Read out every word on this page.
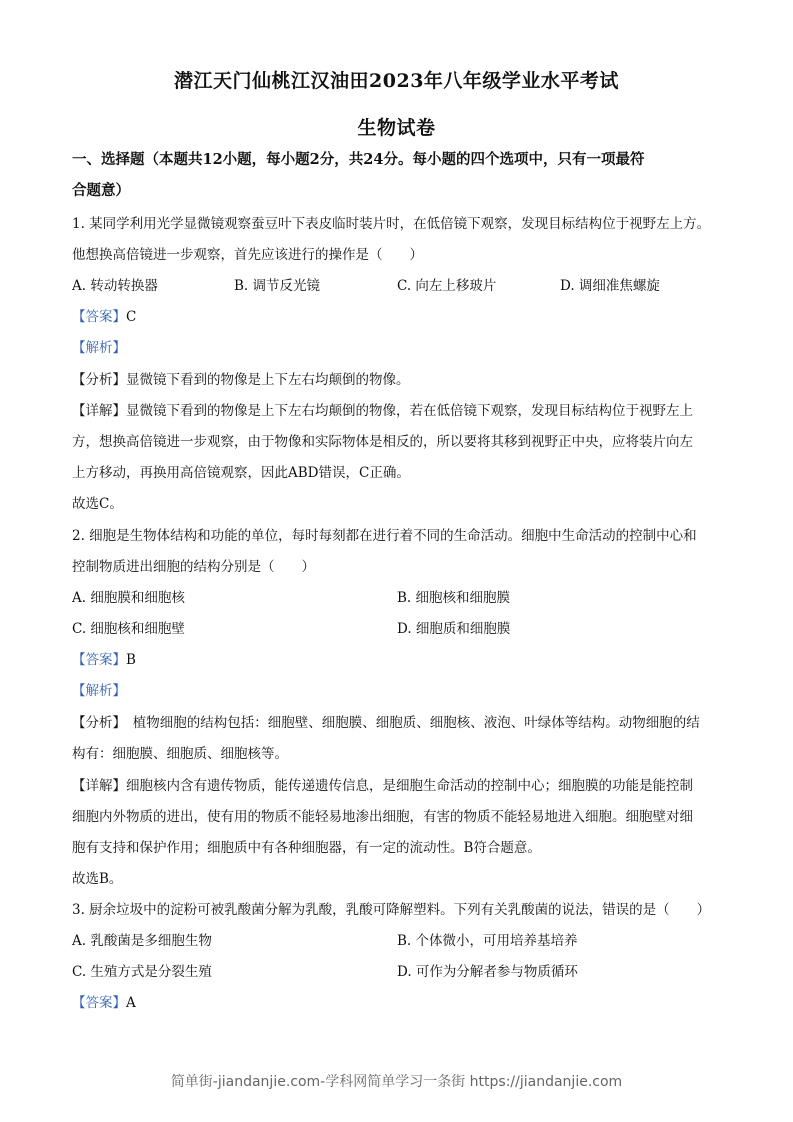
潜江天门仙桃江汉油田2023年八年级学业水平考试
生物试卷
一、选择题（本题共12小题，每小题2分，共24分。每小题的四个选项中，只有一项最符
合题意）
1. 某同学利用光学显微镜观察蚕豆叶下表皮临时装片时，在低倍镜下观察，发现目标结构位于视野左上方。
他想换高倍镜进一步观察，首先应该进行的操作是（　　）
A. 转动转换器	B. 调节反光镜	C. 向左上移玻片	D. 调细准焦螺旋
【答案】C
【解析】
【分析】显微镜下看到的物像是上下左右均颠倒的物像。
【详解】显微镜下看到的物像是上下左右均颠倒的物像，若在低倍镜下观察，发现目标结构位于视野左上
方，想换高倍镜进一步观察，由于物像和实际物体是相反的，所以要将其移到视野正中央，应将装片向左
上方移动，再换用高倍镜观察，因此ABD错误，C正确。
故选C。
2. 细胞是生物体结构和功能的单位，每时每刻都在进行着不同的生命活动。细胞中生命活动的控制中心和
控制物质进出细胞的结构分别是（　　）
A. 细胞膜和细胞核	B. 细胞核和细胞膜
C. 细胞核和细胞壁	D. 细胞质和细胞膜
【答案】B
【解析】
【分析】　植物细胞的结构包括：细胞壁、细胞膜、细胞质、细胞核、液泡、叶绿体等结构。动物细胞的结
构有：细胞膜、细胞质、细胞核等。
【详解】细胞核内含有遗传物质，能传递遗传信息，是细胞生命活动的控制中心；细胞膜的功能是能控制
细胞内外物质的进出，使有用的物质不能轻易地渗出细胞，有害的物质不能轻易地进入细胞。细胞壁对细
胞有支持和保护作用；细胞质中有各种细胞器，有一定的流动性。B符合题意。
故选B。
3. 厨余垃圾中的淀粉可被乳酸菌分解为乳酸，乳酸可降解塑料。下列有关乳酸菌的说法，错误的是（　　）
A. 乳酸菌是多细胞生物	B. 个体微小，可用培养基培养
C. 生殖方式是分裂生殖	D. 可作为分解者参与物质循环
【答案】A
简单街-jiandanjie.com-学科网简单学习一条街 https://jiandanjie.com
